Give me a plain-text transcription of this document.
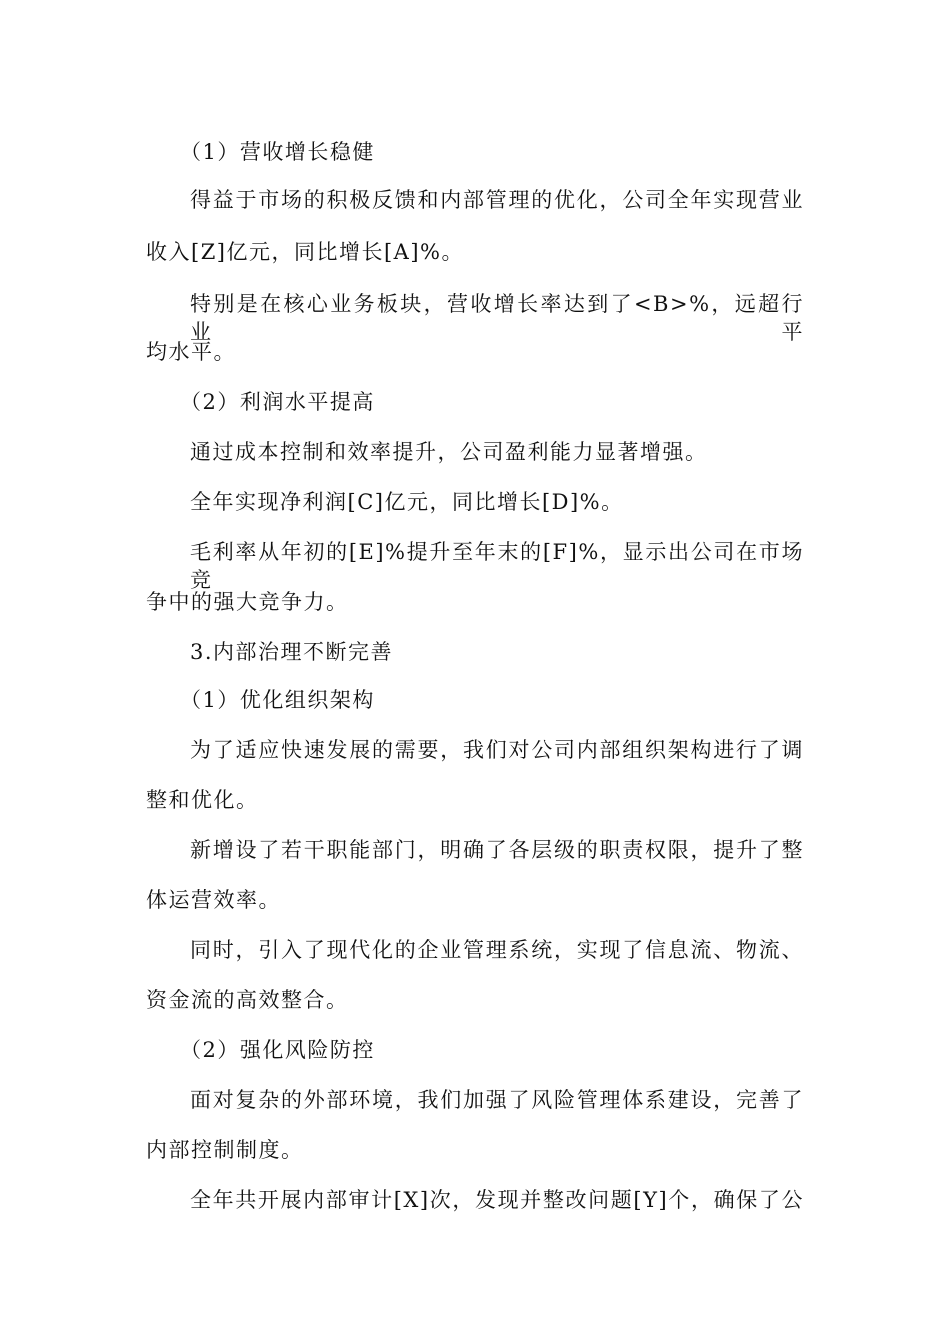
（1）营收增长稳健
得益于市场的积极反馈和内部管理的优化，公司全年实现营业
收入[Z]亿元，同比增长[A]%。
特别是在核心业务板块，营收增长率达到了<B>%，远超行业平
均水平。
（2）利润水平提高
通过成本控制和效率提升，公司盈利能力显著增强。
全年实现净利润[C]亿元，同比增长[D]%。
毛利率从年初的[E]%提升至年末的[F]%，显示出公司在市场竞
争中的强大竞争力。
3.内部治理不断完善
（1）优化组织架构
为了适应快速发展的需要，我们对公司内部组织架构进行了调
整和优化。
新增设了若干职能部门，明确了各层级的职责权限，提升了整
体运营效率。
同时，引入了现代化的企业管理系统，实现了信息流、物流、
资金流的高效整合。
（2）强化风险防控
面对复杂的外部环境，我们加强了风险管理体系建设，完善了
内部控制制度。
全年共开展内部审计[X]次，发现并整改问题[Y]个，确保了公
